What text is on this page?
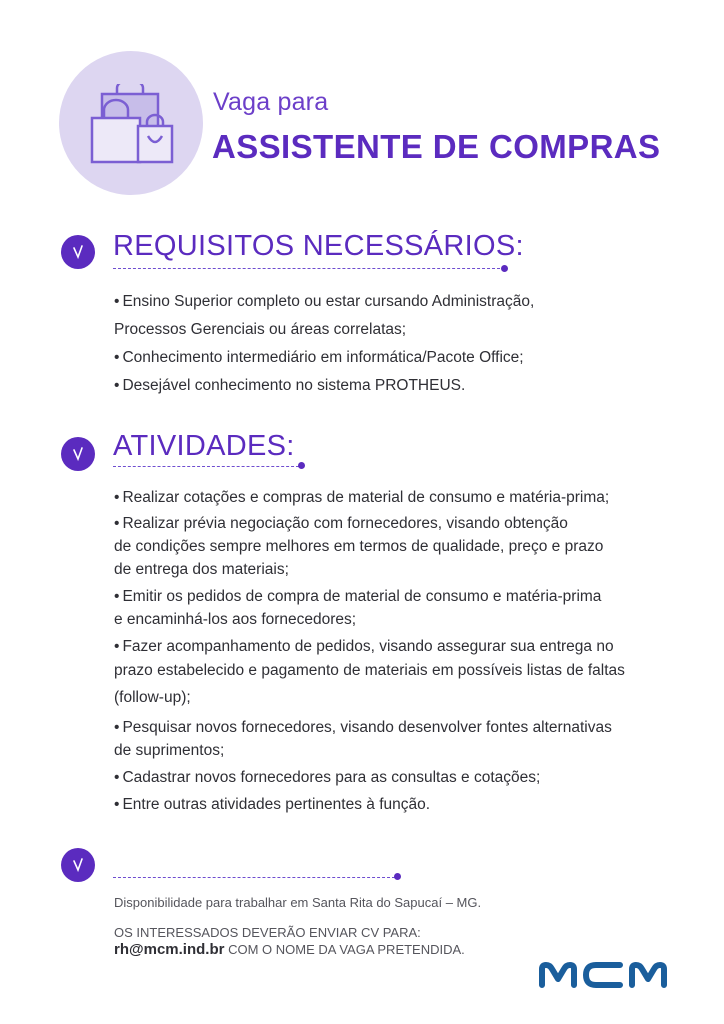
Vaga para
ASSISTENTE DE COMPRAS
REQUISITOS NECESSÁRIOS:
• Ensino Superior completo ou estar cursando Administração,
Processos Gerenciais ou áreas correlatas;
• Conhecimento intermediário em informática/Pacote Office;
• Desejável conhecimento no sistema PROTHEUS.
ATIVIDADES:
• Realizar cotações e compras de material de consumo e matéria-prima;
• Realizar prévia negociação com fornecedores, visando obtenção
de condições sempre melhores em termos de qualidade, preço e prazo
de entrega dos materiais;
• Emitir os pedidos de compra de material de consumo e matéria-prima
e encaminhá-los aos fornecedores;
• Fazer acompanhamento de pedidos, visando assegurar sua entrega no
prazo estabelecido e pagamento de materiais em possíveis listas de faltas
(follow-up);
• Pesquisar novos fornecedores, visando desenvolver fontes alternativas
de suprimentos;
• Cadastrar novos fornecedores para as consultas e cotações;
• Entre outras atividades pertinentes à função.
Disponibilidade para trabalhar em Santa Rita do Sapucaí – MG.
OS INTERESSADOS DEVERÃO ENVIAR CV PARA:
rh@mcm.ind.br COM O NOME DA VAGA PRETENDIDA.
